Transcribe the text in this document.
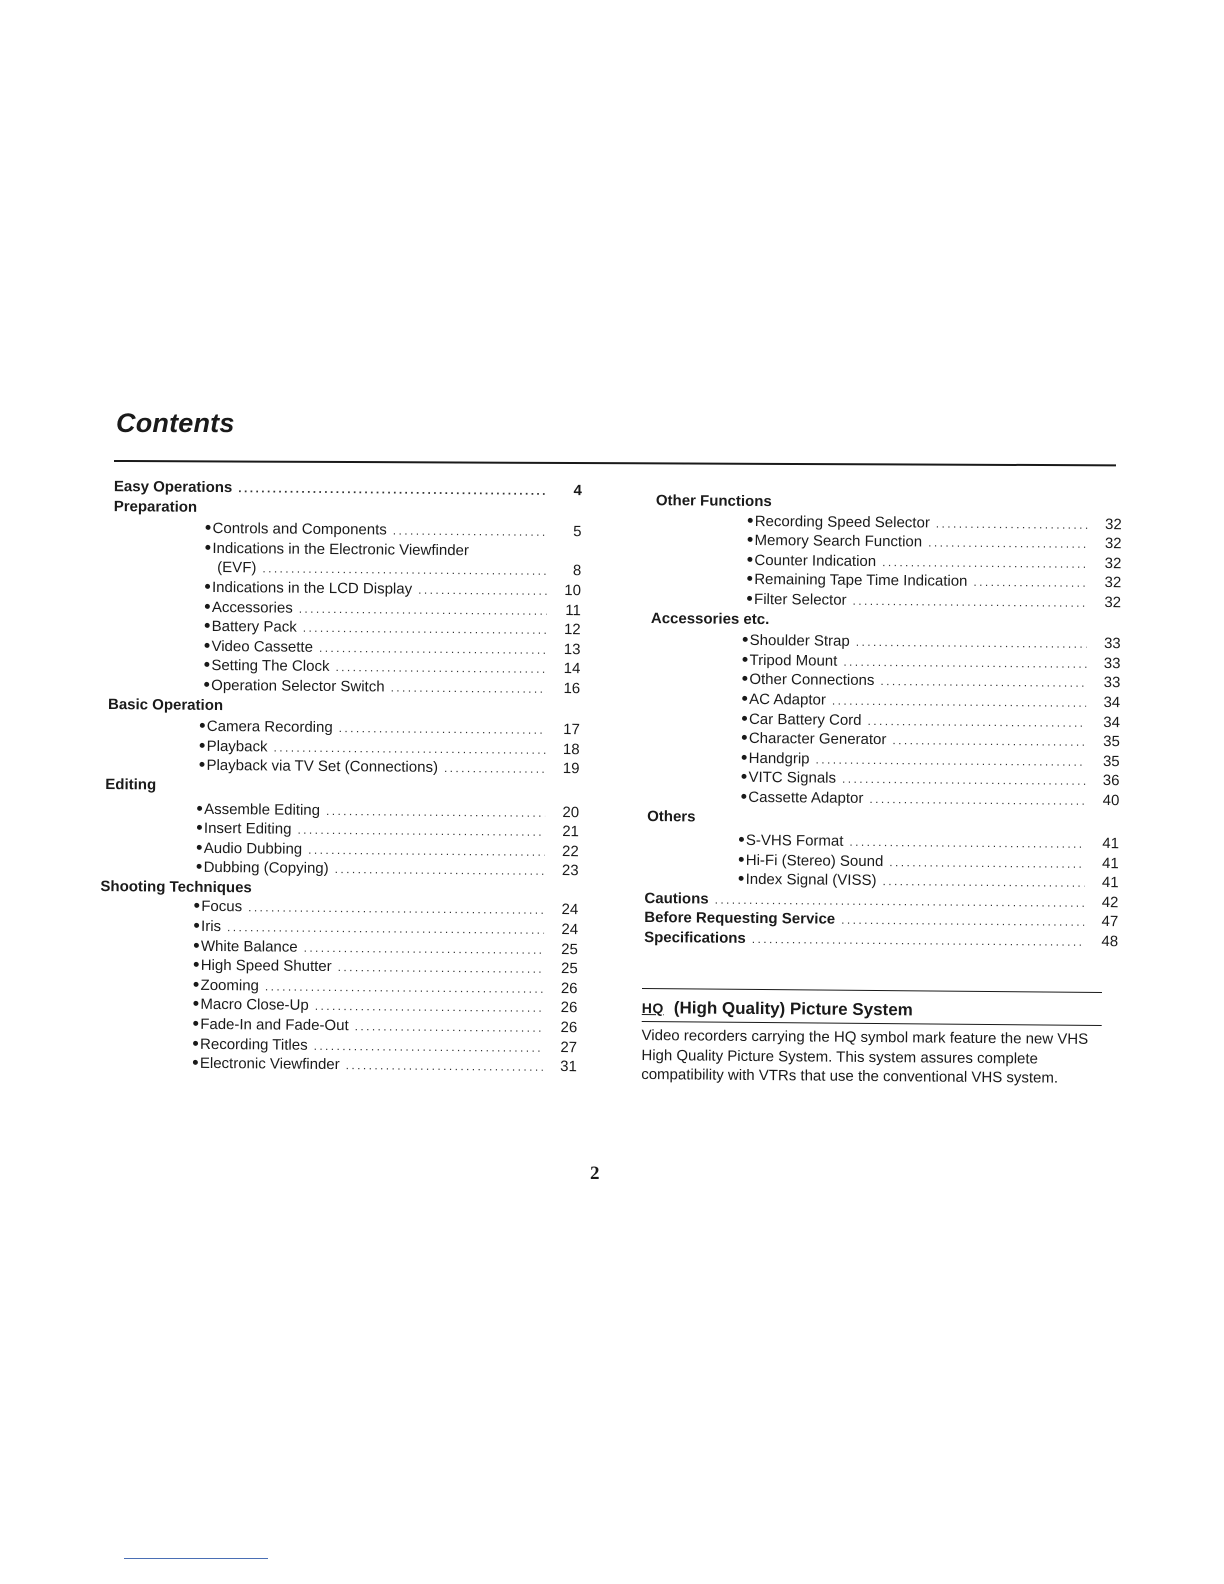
Contents
Easy Operations .....	4
Preparation
Controls and Components .....	5
Indications in the Electronic Viewfinder
(EVF) .....	8
Indications in the LCD Display .....	10
Accessories .....	11
Battery Pack .....	12
Video Cassette .....	13
Setting The Clock .....	14
Operation Selector Switch .....	16
Basic Operation
Camera Recording .....	17
Playback .....	18
Playback via TV Set (Connections) .....	19
Editing
Assemble Editing .....	20
Insert Editing .....	21
Audio Dubbing .....	22
Dubbing (Copying) .....	23
Shooting Techniques
Focus .....	24
Iris .....	24
White Balance .....	25
High Speed Shutter .....	25
Zooming .....	26
Macro Close-Up .....	26
Fade-In and Fade-Out .....	26
Recording Titles .....	27
Electronic Viewfinder .....	31
Other Functions
Recording Speed Selector .....	32
Memory Search Function .....	32
Counter Indication .....	32
Remaining Tape Time Indication .....	32
Filter Selector .....	32
Accessories etc.
Shoulder Strap .....	33
Tripod Mount .....	33
Other Connections .....	33
AC Adaptor .....	34
Car Battery Cord .....	34
Character Generator .....	35
Handgrip .....	35
VITC Signals .....	36
Cassette Adaptor .....	40
Others
S-VHS Format .....	41
Hi-Fi (Stereo) Sound .....	41
Index Signal (VISS) .....	41
Cautions .....	42
Before Requesting Service .....	47
Specifications .....	48
HQ (High Quality) Picture System
Video recorders carrying the HQ symbol mark feature the new VHS
High Quality Picture System. This system assures complete
compatibility with VTRs that use the conventional VHS system.
2
